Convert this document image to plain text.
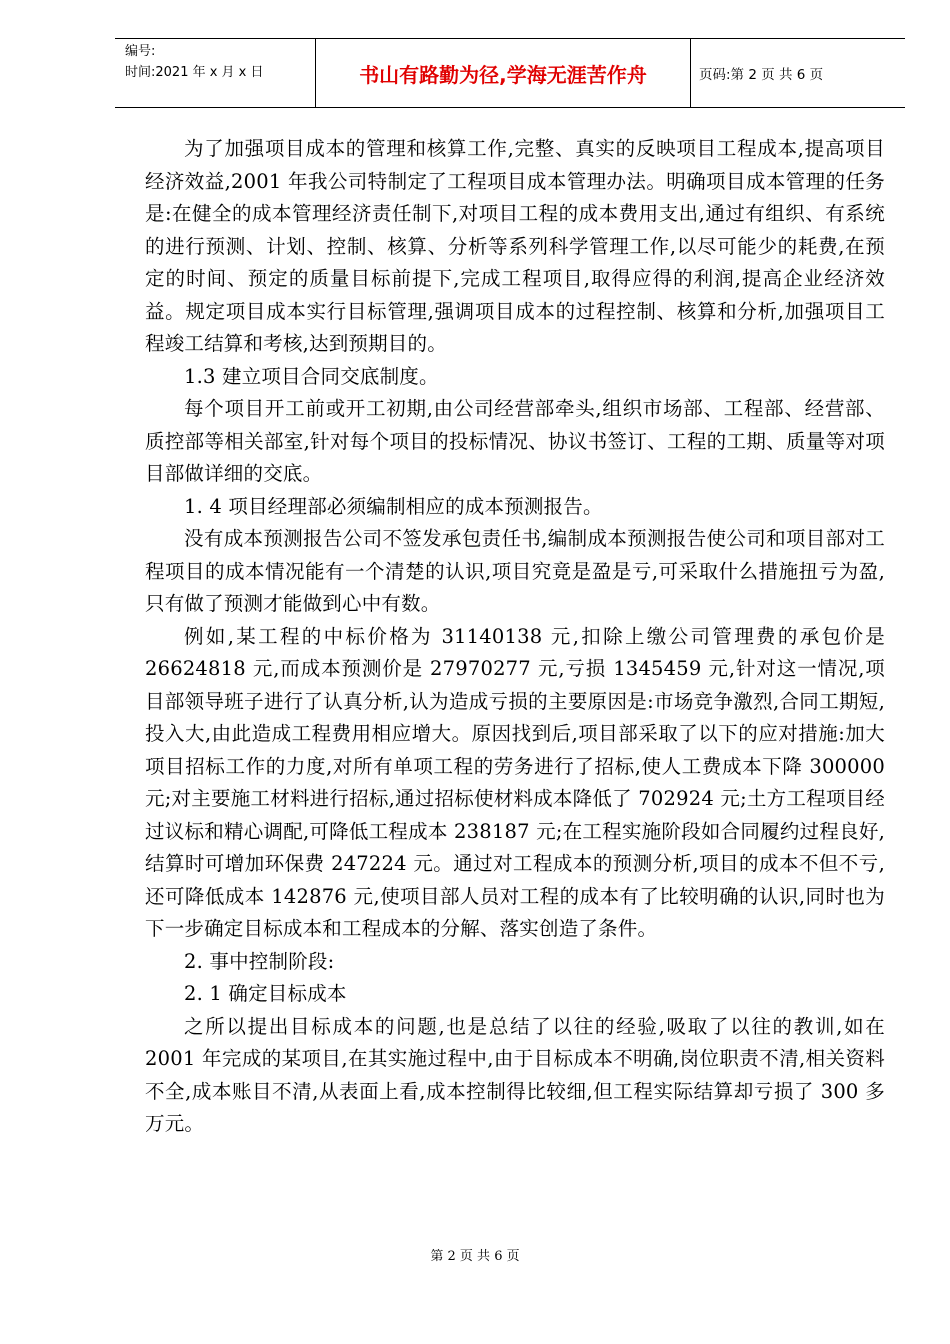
编号:
时间:2021 年 x 月 x 日	书山有路勤为径,学海无涯苦作舟	页码:第 2 页 共 6 页

为了加强项目成本的管理和核算工作,完整、真实的反映项目工程成本,提高项目经济效益,2001 年我公司特制定了工程项目成本管理办法。明确项目成本管理的任务是:在健全的成本管理经济责任制下,对项目工程的成本费用支出,通过有组织、有系统的进行预测、计划、控制、核算、分析等系列科学管理工作,以尽可能少的耗费,在预定的时间、预定的质量目标前提下,完成工程项目,取得应得的利润,提高企业经济效益。规定项目成本实行目标管理,强调项目成本的过程控制、核算和分析,加强项目工程竣工结算和考核,达到预期目的。

1.3 建立项目合同交底制度。

每个项目开工前或开工初期,由公司经营部牵头,组织市场部、工程部、经营部、质控部等相关部室,针对每个项目的投标情况、协议书签订、工程的工期、质量等对项目部做详细的交底。

1. 4 项目经理部必须编制相应的成本预测报告。

没有成本预测报告公司不签发承包责任书,编制成本预测报告使公司和项目部对工程项目的成本情况能有一个清楚的认识,项目究竟是盈是亏,可采取什么措施扭亏为盈,只有做了预测才能做到心中有数。

例如,某工程的中标价格为 31140138 元,扣除上缴公司管理费的承包价是 26624818 元,而成本预测价是 27970277 元,亏损 1345459 元,针对这一情况,项目部领导班子进行了认真分析,认为造成亏损的主要原因是:市场竞争激烈,合同工期短,投入大,由此造成工程费用相应增大。原因找到后,项目部采取了以下的应对措施:加大项目招标工作的力度,对所有单项工程的劳务进行了招标,使人工费成本下降 300000 元;对主要施工材料进行招标,通过招标使材料成本降低了 702924 元;土方工程项目经过议标和精心调配,可降低工程成本 238187 元;在工程实施阶段如合同履约过程良好,结算时可增加环保费 247224 元。通过对工程成本的预测分析,项目的成本不但不亏,还可降低成本 142876 元,使项目部人员对工程的成本有了比较明确的认识,同时也为下一步确定目标成本和工程成本的分解、落实创造了条件。

2. 事中控制阶段:

2. 1 确定目标成本

之所以提出目标成本的问题,也是总结了以往的经验,吸取了以往的教训,如在 2001 年完成的某项目,在其实施过程中,由于目标成本不明确,岗位职责不清,相关资料不全,成本账目不清,从表面上看,成本控制得比较细,但工程实际结算却亏损了 300 多万元。

第 2 页 共 6 页
